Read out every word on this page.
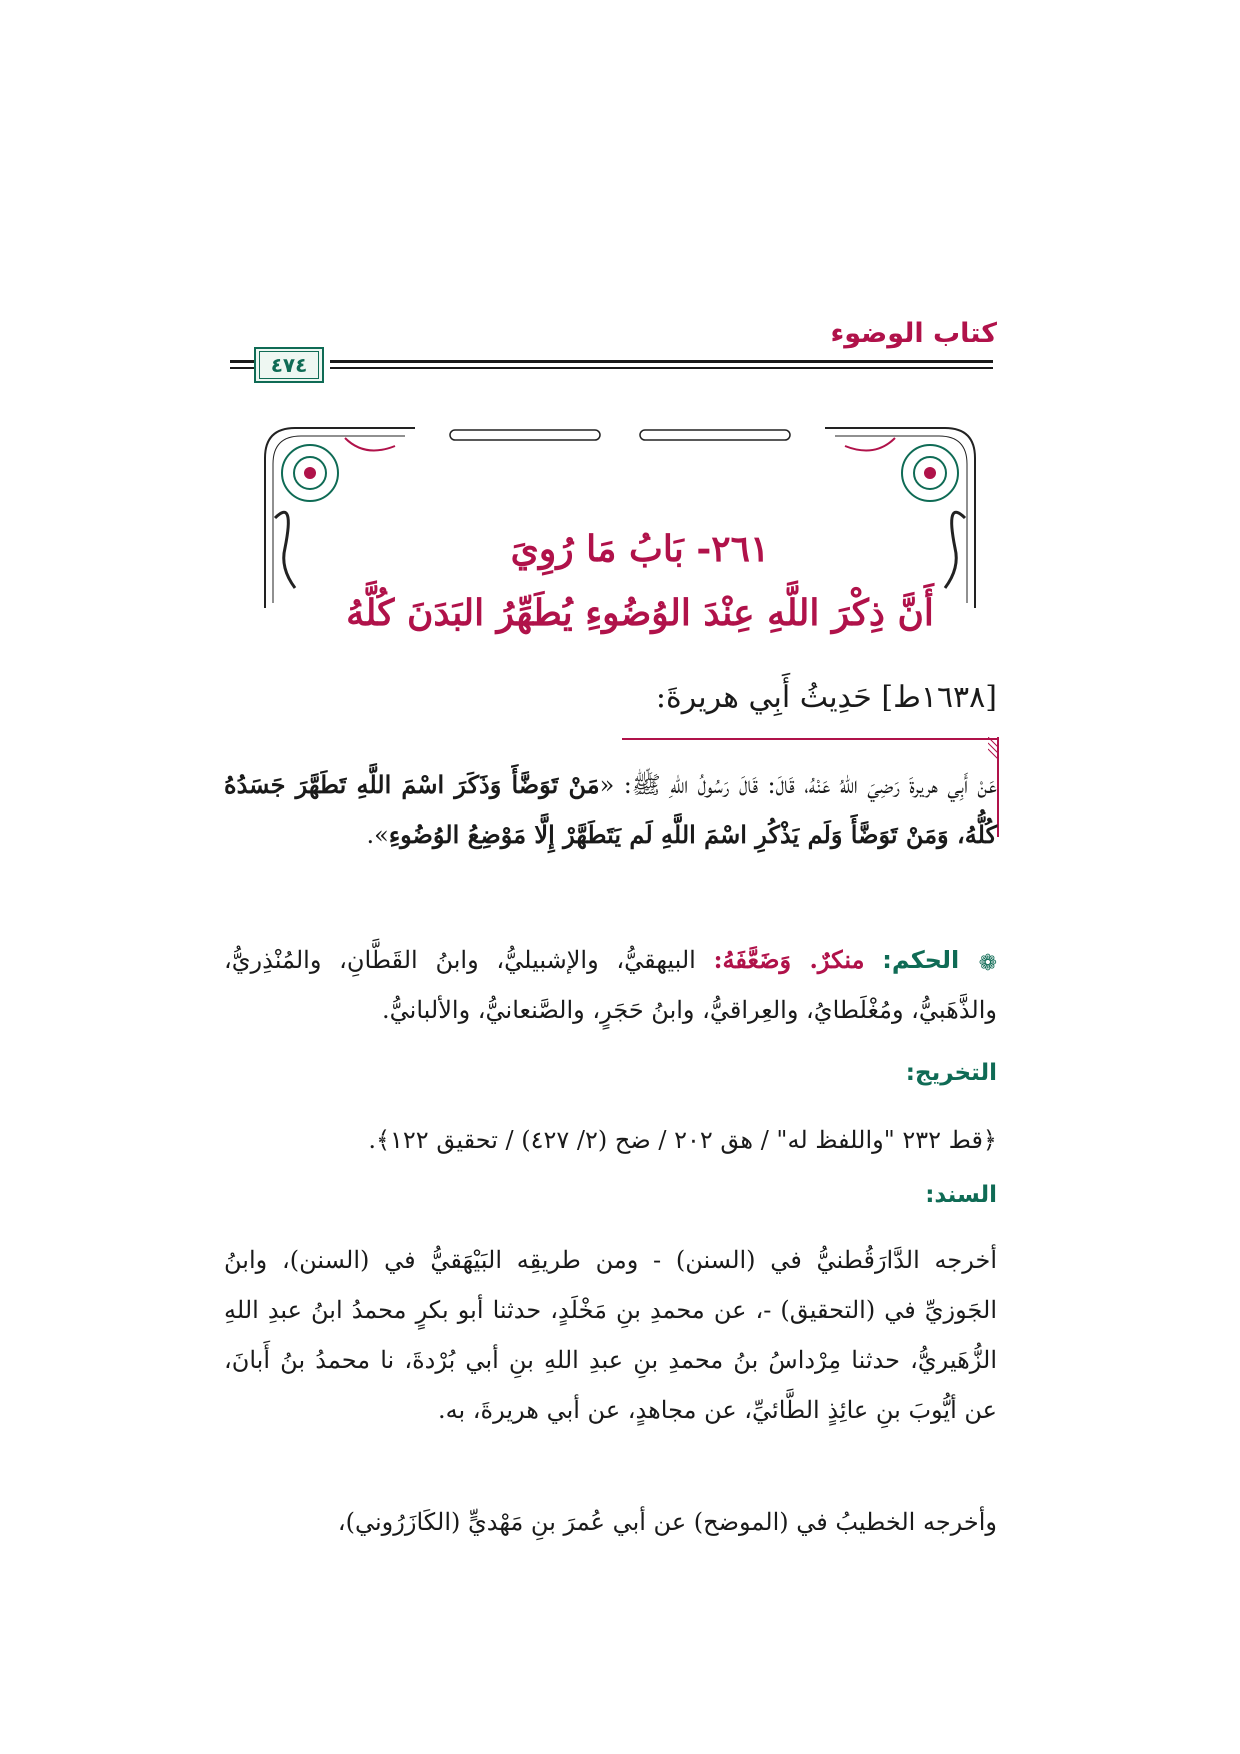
كتاب الوضوء
٤٧٤
٢٦١- بَابُ مَا رُوِيَ
أَنَّ ذِكْرَ اللَّهِ عِنْدَ الوُضُوءِ يُطَهِّرُ البَدَنَ كُلَّهُ
[١٦٣٨ط] حَدِيثُ أَبِي هريرةَ:
عَنْ أَبِي هريرةَ رَضِيَ اللهُ عَنْهُ، قَالَ: قَالَ رَسُولُ اللهِ ﷺ: «مَنْ تَوَضَّأَ وَذَكَرَ اسْمَ اللَّهِ تَطَهَّرَ جَسَدُهُ كُلُّهُ، وَمَنْ تَوَضَّأَ وَلَم يَذْكُرِ اسْمَ اللَّهِ لَم يَتَطَهَّرْ إِلَّا مَوْضِعُ الوُضُوءِ».
❁ الحكم: منكرٌ. وَضَعَّفَهُ: البيهقيُّ، والإشبيليُّ، وابنُ القَطَّانِ، والمُنْذِريُّ، والذَّهَبيُّ، ومُغْلَطايُ، والعِراقيُّ، وابنُ حَجَرٍ، والصَّنعانيُّ، والألبانيُّ.
التخريج:
﴿قط ٢٣٢ "واللفظ له" / هق ٢٠٢ / ضح (٢/ ٤٢٧) / تحقيق ١٢٢﴾.
السند:
أخرجه الدَّارَقُطنيُّ في (السنن) - ومن طريقِه البَيْهَقيُّ في (السنن)، وابنُ الجَوزيِّ في (التحقيق) -، عن محمدِ بنِ مَخْلَدٍ، حدثنا أبو بكرٍ محمدُ ابنُ عبدِ اللهِ الزُّهَيريُّ، حدثنا مِرْداسُ بنُ محمدِ بنِ عبدِ اللهِ بنِ أبي بُرْدةَ، نا محمدُ بنُ أَبانَ، عن أيُّوبَ بنِ عائِذٍ الطَّائيِّ، عن مجاهدٍ، عن أبي هريرةَ، به.
وأخرجه الخطيبُ في (الموضح) عن أبي عُمرَ بنِ مَهْديٍّ (الكَازَرُوني)،
